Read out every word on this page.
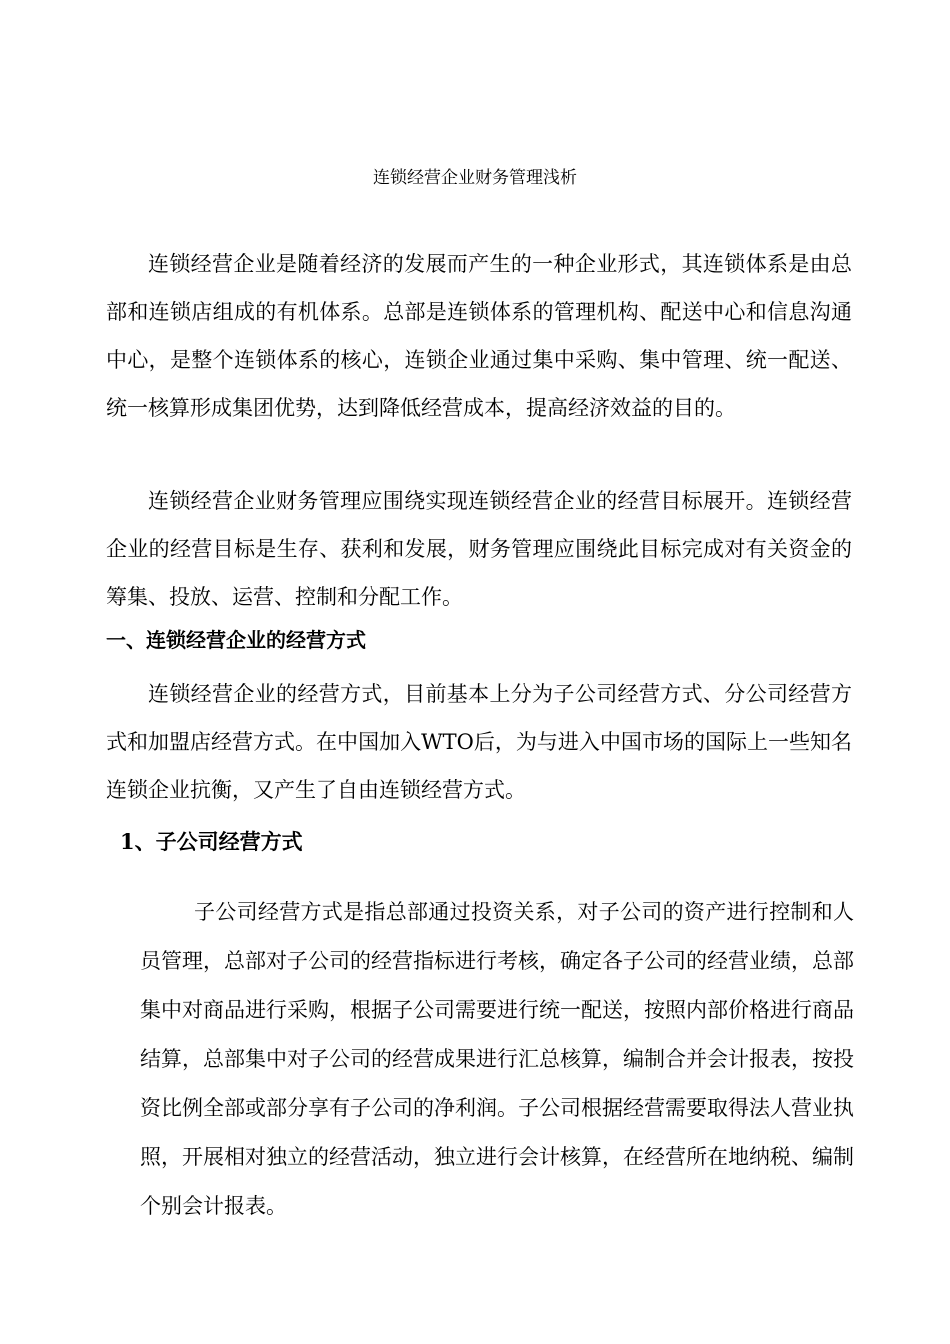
连锁经营企业财务管理浅析

连锁经营企业是随着经济的发展而产生的一种企业形式，其连锁体系是由总部和连锁店组成的有机体系。总部是连锁体系的管理机构、配送中心和信息沟通中心，是整个连锁体系的核心，连锁企业通过集中采购、集中管理、统一配送、统一核算形成集团优势，达到降低经营成本，提高经济效益的目的。

连锁经营企业财务管理应围绕实现连锁经营企业的经营目标展开。连锁经营企业的经营目标是生存、获利和发展，财务管理应围绕此目标完成对有关资金的筹集、投放、运营、控制和分配工作。

一、连锁经营企业的经营方式

连锁经营企业的经营方式，目前基本上分为子公司经营方式、分公司经营方式和加盟店经营方式。在中国加入WTO后，为与进入中国市场的国际上一些知名连锁企业抗衡，又产生了自由连锁经营方式。

1、子公司经营方式

子公司经营方式是指总部通过投资关系，对子公司的资产进行控制和人员管理，总部对子公司的经营指标进行考核，确定各子公司的经营业绩，总部集中对商品进行采购，根据子公司需要进行统一配送，按照内部价格进行商品结算，总部集中对子公司的经营成果进行汇总核算，编制合并会计报表，按投资比例全部或部分享有子公司的净利润。子公司根据经营需要取得法人营业执照，开展相对独立的经营活动，独立进行会计核算，在经营所在地纳税、编制个别会计报表。
